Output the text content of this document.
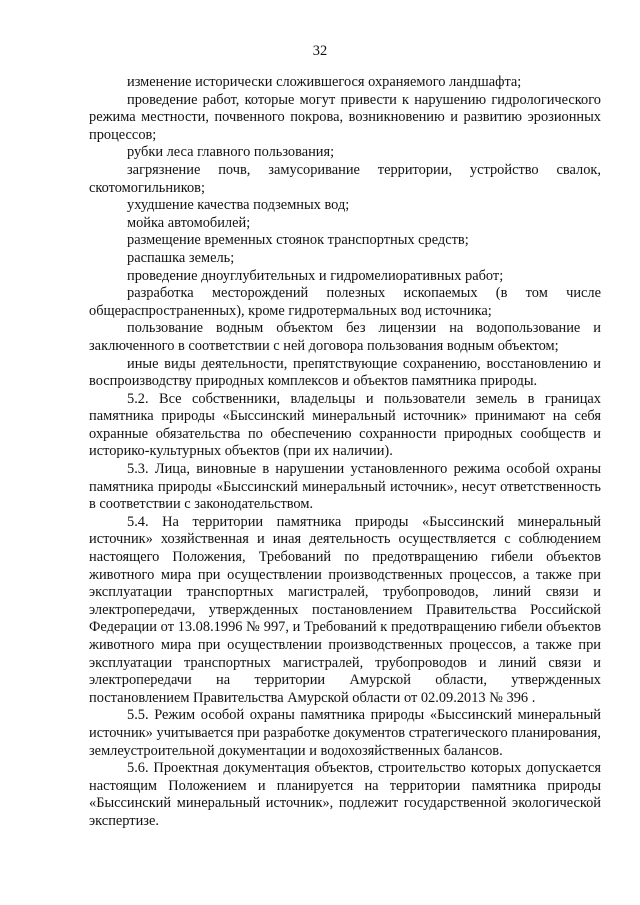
32

изменение исторически сложившегося охраняемого ландшафта;

проведение работ, которые могут привести к нарушению гидрологического режима местности, почвенного покрова, возникновению и развитию эрозионных процессов;

рубки леса главного пользования;

загрязнение почв, замусоривание территории, устройство свалок, скотомогильников;

ухудшение качества подземных вод;

мойка автомобилей;

размещение временных стоянок транспортных средств;

распашка земель;

проведение дноуглубительных и гидромелиоративных работ;

разработка месторождений полезных ископаемых (в том числе общераспространенных), кроме гидротермальных вод источника;

пользование водным объектом без лицензии на водопользование и заключенного в соответствии с ней договора пользования водным объектом;

иные виды деятельности, препятствующие сохранению, восстановлению и воспроизводству природных комплексов и объектов памятника природы.

5.2. Все собственники, владельцы и пользователи земель в границах памятника природы «Быссинский минеральный источник» принимают на себя охранные обязательства по обеспечению сохранности природных сообществ и историко-культурных объектов (при их наличии).

5.3. Лица, виновные в нарушении установленного режима особой охраны памятника природы «Быссинский минеральный источник», несут ответственность в соответствии с законодательством.

5.4. На территории памятника природы «Быссинский минеральный источник» хозяйственная и иная деятельность осуществляется с соблюдением настоящего Положения, Требований по предотвращению гибели объектов животного мира при осуществлении производственных процессов, а также при эксплуатации транспортных магистралей, трубопроводов, линий связи и электропередачи, утвержденных постановлением Правительства Российской Федерации от 13.08.1996 № 997, и Требований к предотвращению гибели объектов животного мира при осуществлении производственных процессов, а также при эксплуатации транспортных магистралей, трубопроводов и линий связи и электропередачи на территории Амурской области, утвержденных постановлением Правительства Амурской области от 02.09.2013 № 396 .

5.5. Режим особой охраны памятника природы «Быссинский минеральный источник» учитывается при разработке документов стратегического планирования, землеустроительной документации и водохозяйственных балансов.

5.6. Проектная документация объектов, строительство которых допускается настоящим Положением и планируется на территории памятника природы «Быссинский минеральный источник», подлежит государственной экологической экспертизе.
